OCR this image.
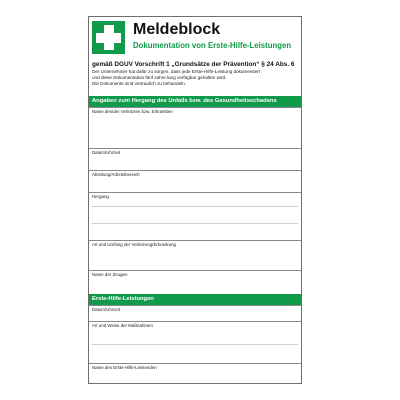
Meldeblock
Dokumentation von Erste-Hilfe-Leistungen
gemäß DGUV Vorschrift 1 „Grundsätze der Prävention“ § 24 Abs. 6
Der Unternehmer hat dafür zu sorgen, dass jede Erste-Hilfe-Leistung dokumentiert
und diese Dokumentation fünf Jahre lang verfügbar gehalten wird.
Die Dokumente sind vertraulich zu behandeln.
Angaben zum Hergang des Unfalls bzw. des Gesundheitsschadens
Name des/der Verletzten bzw. Erkrankten
Datum/Uhrzeit
Abteilung/Arbeitsbereich
Hergang
Art und Umfang der Verletzung/Erkrankung
Name der Zeugen
Erste-Hilfe-Leistungen
Datum/Uhrzeit
Art und Weise der Maßnahmen
Name des Erste-Hilfe-Leistenden
